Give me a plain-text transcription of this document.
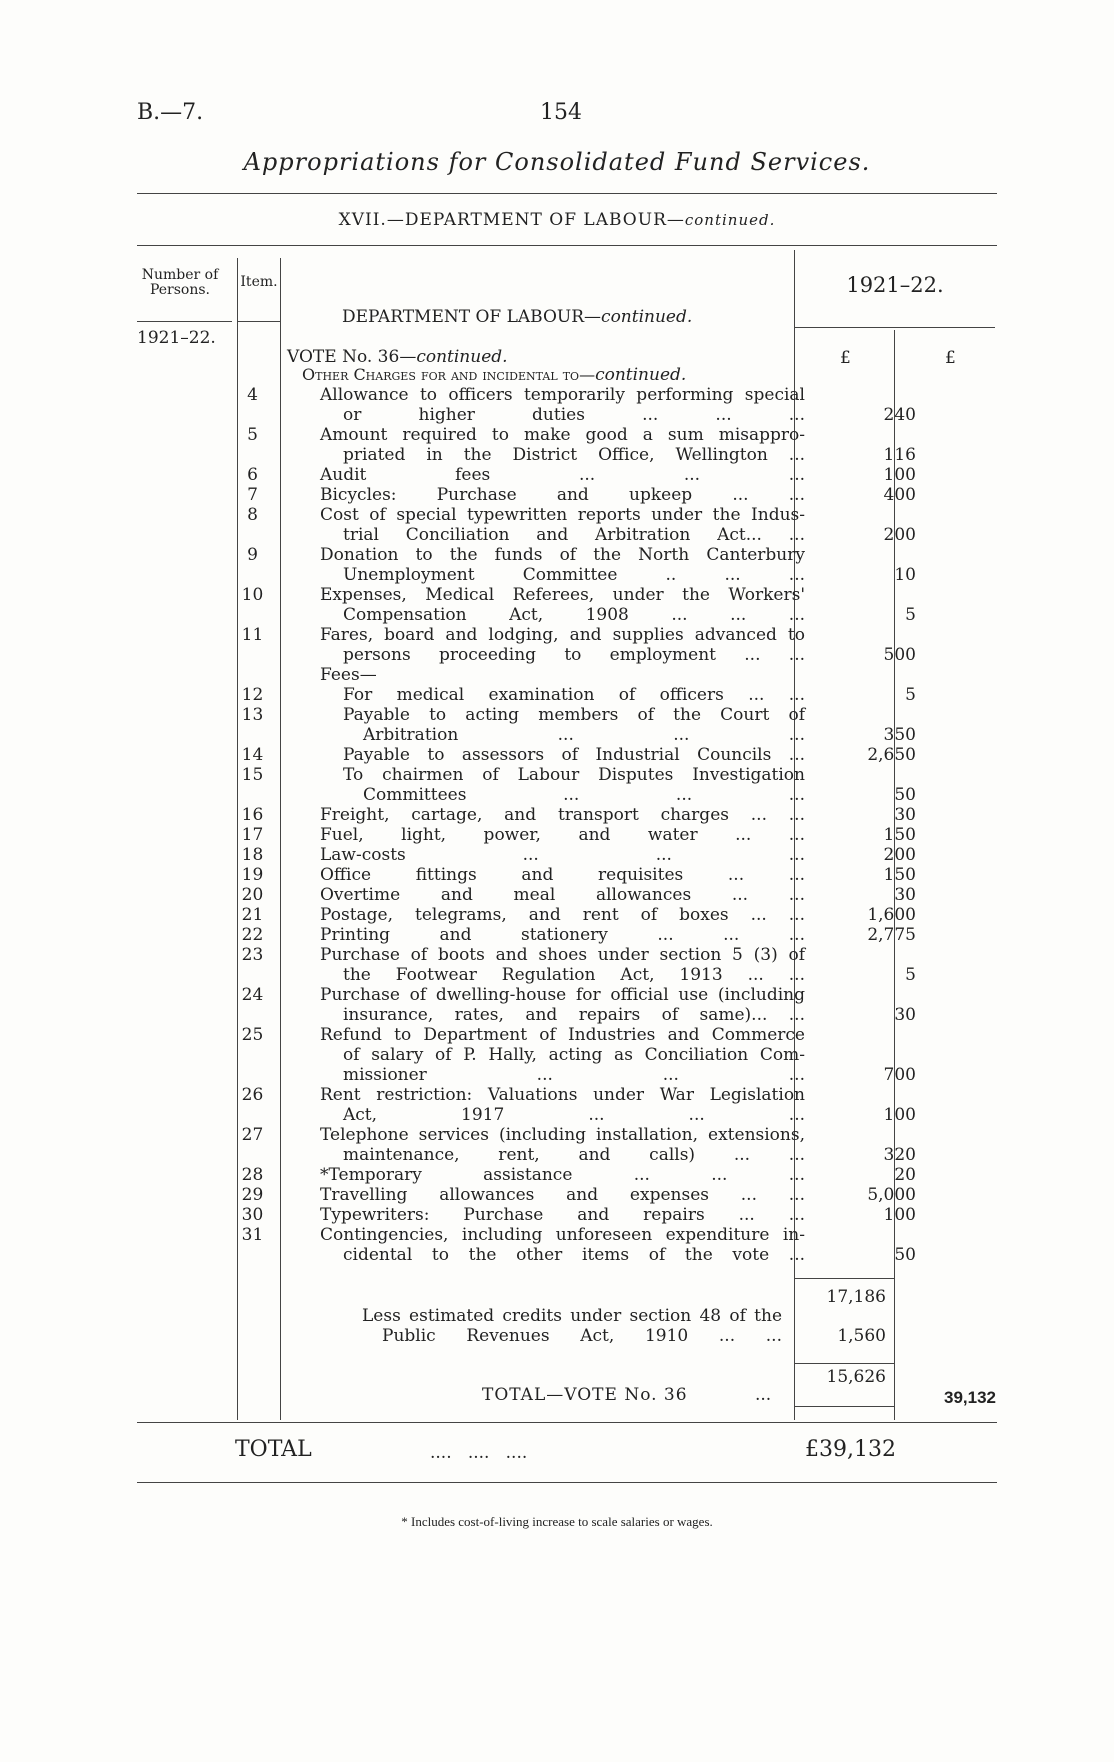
B.—7.	154
Appropriations for Consolidated Fund Services.
XVII.—DEPARTMENT OF LABOUR—continued.
Number of Persons.	Item.	1921–22.
DEPARTMENT OF LABOUR—continued.
1921–22.
£	£
VOTE No. 36—continued.
Other Charges for and incidental to—continued.
4	Allowance to officers temporarily performing special
or higher duties ... ... ...	240
5	Amount required to make good a sum misappro-
priated in the District Office, Wellington ...	116
6	Audit fees ... ... ...	100
7	Bicycles: Purchase and upkeep ... ...	400
8	Cost of special typewritten reports under the Indus-
trial Conciliation and Arbitration Act... ...	200
9	Donation to the funds of the North Canterbury
Unemployment Committee .. ... ...	10
10	Expenses, Medical Referees, under the Workers'
Compensation Act, 1908 ... ... ...	5
11	Fares, board and lodging, and supplies advanced to
persons proceeding to employment ... ...	500
Fees—
12	For medical examination of officers ... ...	5
13	Payable to acting members of the Court of
Arbitration ... ... ...	350
14	Payable to assessors of Industrial Councils ...	2,650
15	To chairmen of Labour Disputes Investigation
Committees ... ... ...	50
16	Freight, cartage, and transport charges ... ...	30
17	Fuel, light, power, and water ... ...	150
18	Law-costs ... ... ...	200
19	Office fittings and requisites ... ...	150
20	Overtime and meal allowances ... ...	30
21	Postage, telegrams, and rent of boxes ... ...	1,600
22	Printing and stationery ... ... ...	2,775
23	Purchase of boots and shoes under section 5 (3) of
the Footwear Regulation Act, 1913 ... ...	5
24	Purchase of dwelling-house for official use (including
insurance, rates, and repairs of same)... ...	30
25	Refund to Department of Industries and Commerce
of salary of P. Hally, acting as Conciliation Com-
missioner ... ... ...	700
26	Rent restriction: Valuations under War Legislation
Act, 1917 ... ... ...	100
27	Telephone services (including installation, extensions,
maintenance, rent, and calls) ... ...	320
28	*Temporary assistance ... ... ...	20
29	Travelling allowances and expenses ... ...	5,000
30	Typewriters: Purchase and repairs ... ...	100
31	Contingencies, including unforeseen expenditure in-
cidental to the other items of the vote ...	50
17,186
Less estimated credits under section 48 of the
Public Revenues Act, 1910 ... ...	1,560
15,626
TOTAL—VOTE No. 36	...	39,132
TOTAL	....   ....   ....	£39,132
* Includes cost-of-living increase to scale salaries or wages.
